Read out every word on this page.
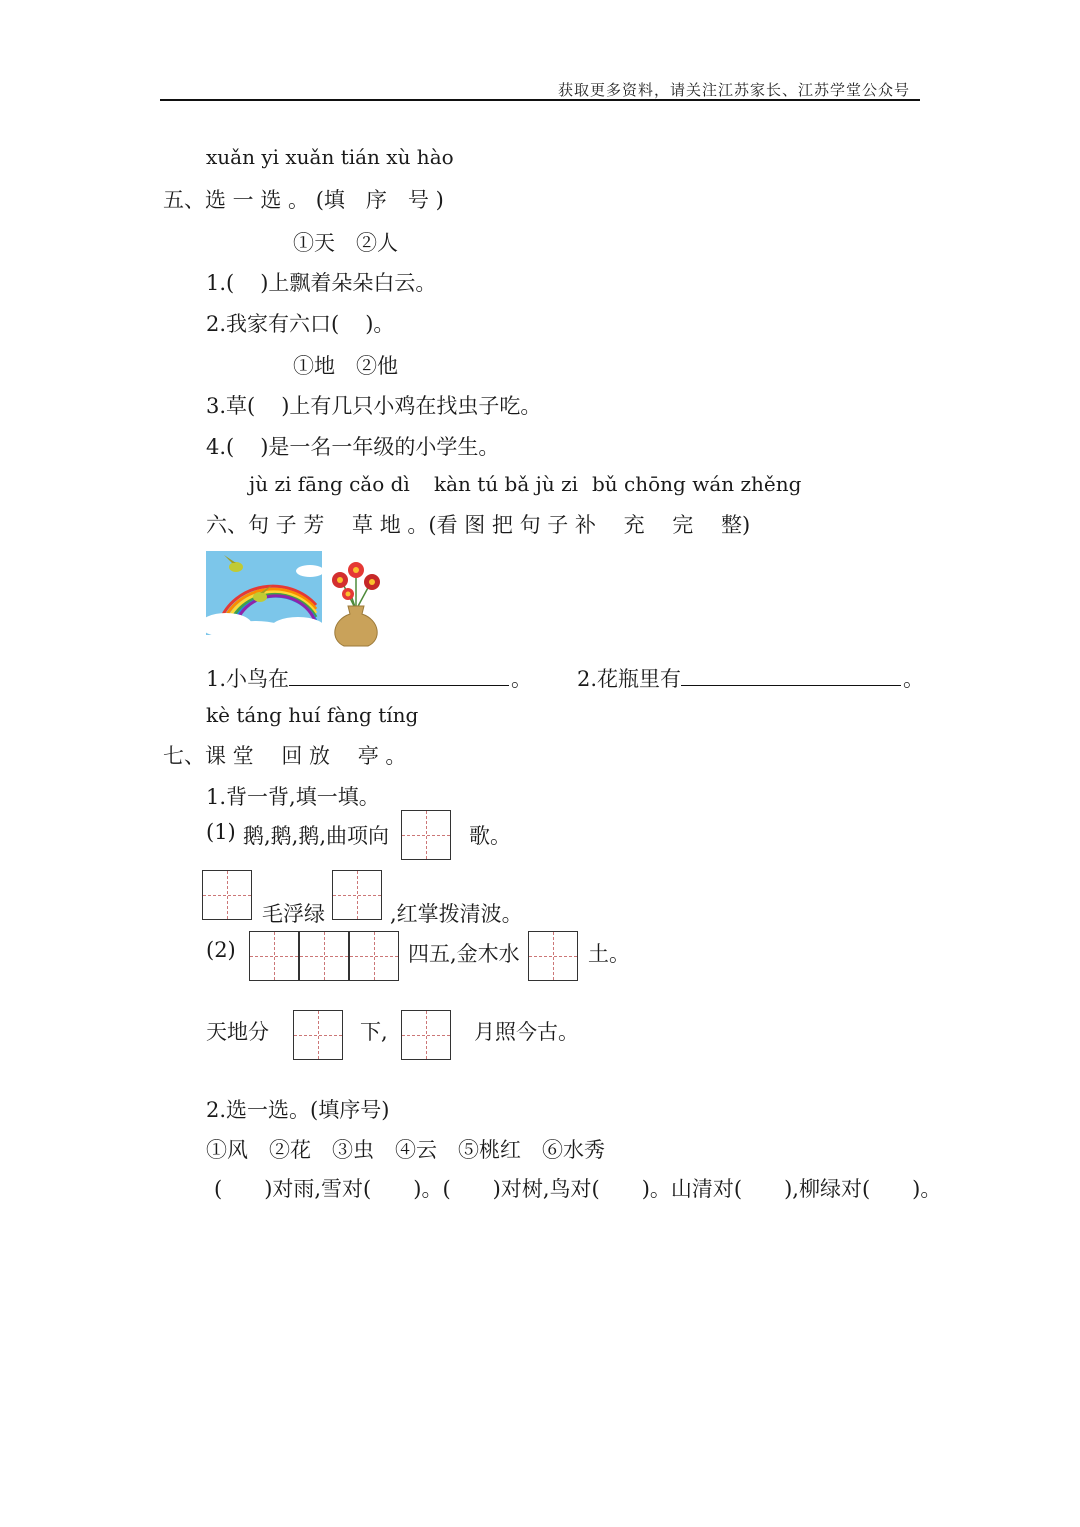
获取更多资料，请关注江苏家长、江苏学堂公众号
xuǎn yi xuǎn tián xù hào
五、选 一 选 。 (填　序　号 )
①天　②人
1.( )上飘着朵朵白云。
2.我家有六口( )。
①地　②他
3.草( )上有几只小鸡在找虫子吃。
4.( )是一名一年级的小学生。
jù zi fāng cǎo dì kàn tú bǎ jù zi bǔ chōng wán zhěng
六、句 子 芳　 草 地 。(看 图 把 句 子 补　 充　 完　 整)
1.小鸟在	。 2.花瓶里有	。
kè táng huí fàng tíng
七、课 堂　 回 放　 亭 。
1.背一背,填一填。
(1) 鹅,鹅,鹅,曲项向	歌。
毛浮绿	,红掌拨清波。
(2)	四五,金木水	土。
天地分	下,	月照今古。
2.选一选。(填序号)
①风　②花　③虫　④云　⑤桃红　⑥水秀
(　　)对雨,雪对(　　)。(　　)对树,鸟对(　　)。山清对(　　),柳绿对(　　)。
